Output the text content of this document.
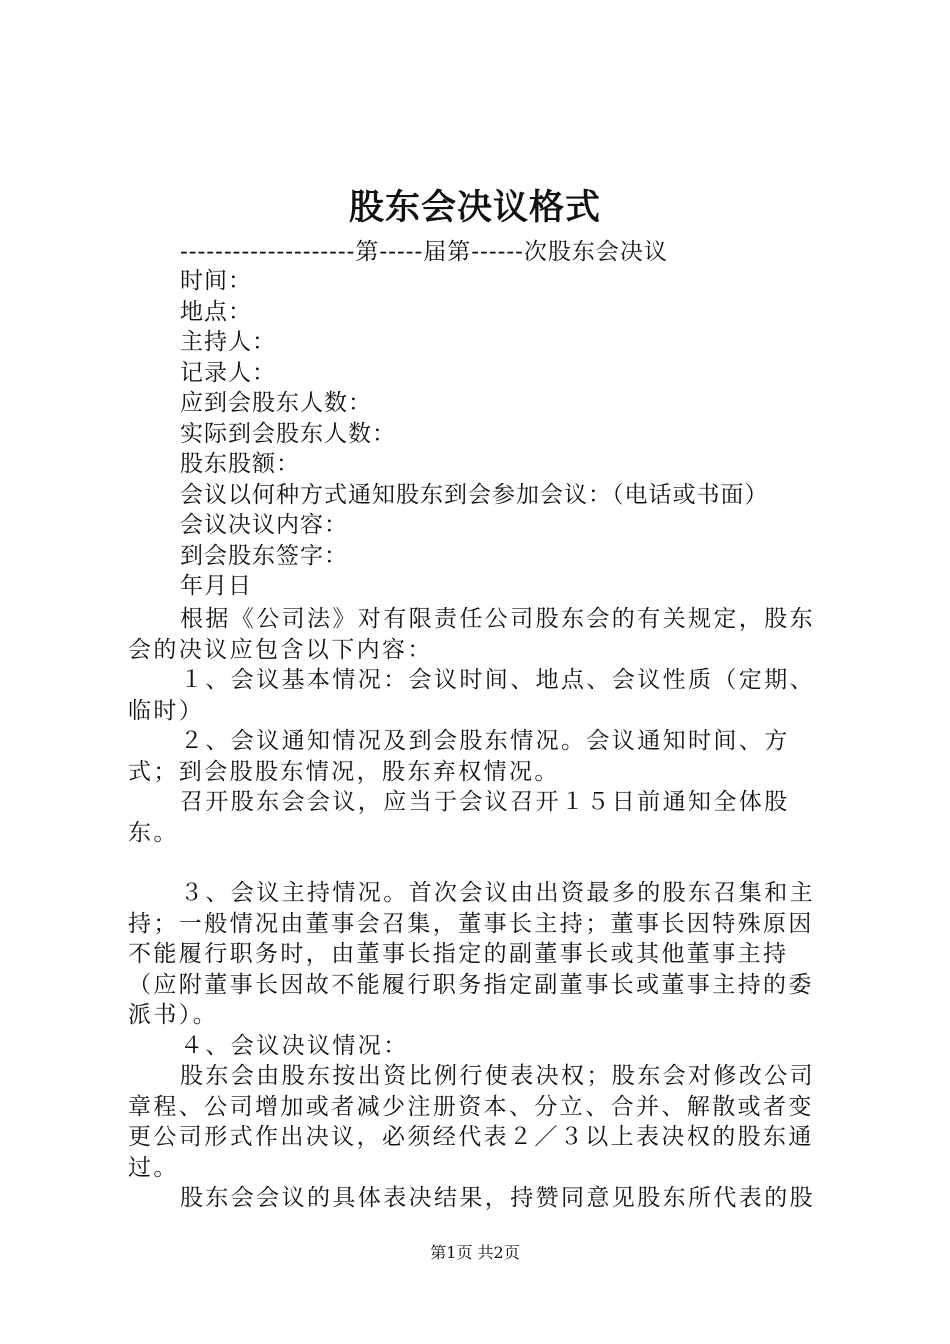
股东会决议格式
--------------------第-----届第------次股东会决议
时间：
地点：
主持人：
记录人：
应到会股东人数：
实际到会股东人数：
股东股额：
会议以何种方式通知股东到会参加会议：（电话或书面）
会议决议内容：
到会股东签字：
年月日

根据《公司法》对有限责任公司股东会的有关规定，股东会的决议应包含以下内容：

１、会议基本情况：会议时间、地点、会议性质（定期、临时）

２、会议通知情况及到会股东情况。会议通知时间、方式；到会股股东情况，股东弃权情况。

召开股东会会议，应当于会议召开１５日前通知全体股东。

３、会议主持情况。首次会议由出资最多的股东召集和主持；一般情况由董事会召集，董事长主持；董事长因特殊原因不能履行职务时，由董事长指定的副董事长或其他董事主持（应附董事长因故不能履行职务指定副董事长或董事主持的委派书）。

４、会议决议情况：

股东会由股东按出资比例行使表决权；股东会对修改公司章程、公司增加或者减少注册资本、分立、合并、解散或者变更公司形式作出决议，必须经代表２／３以上表决权的股东通过。

股东会会议的具体表决结果，持赞同意见股东所代表的股

第1页 共2页
